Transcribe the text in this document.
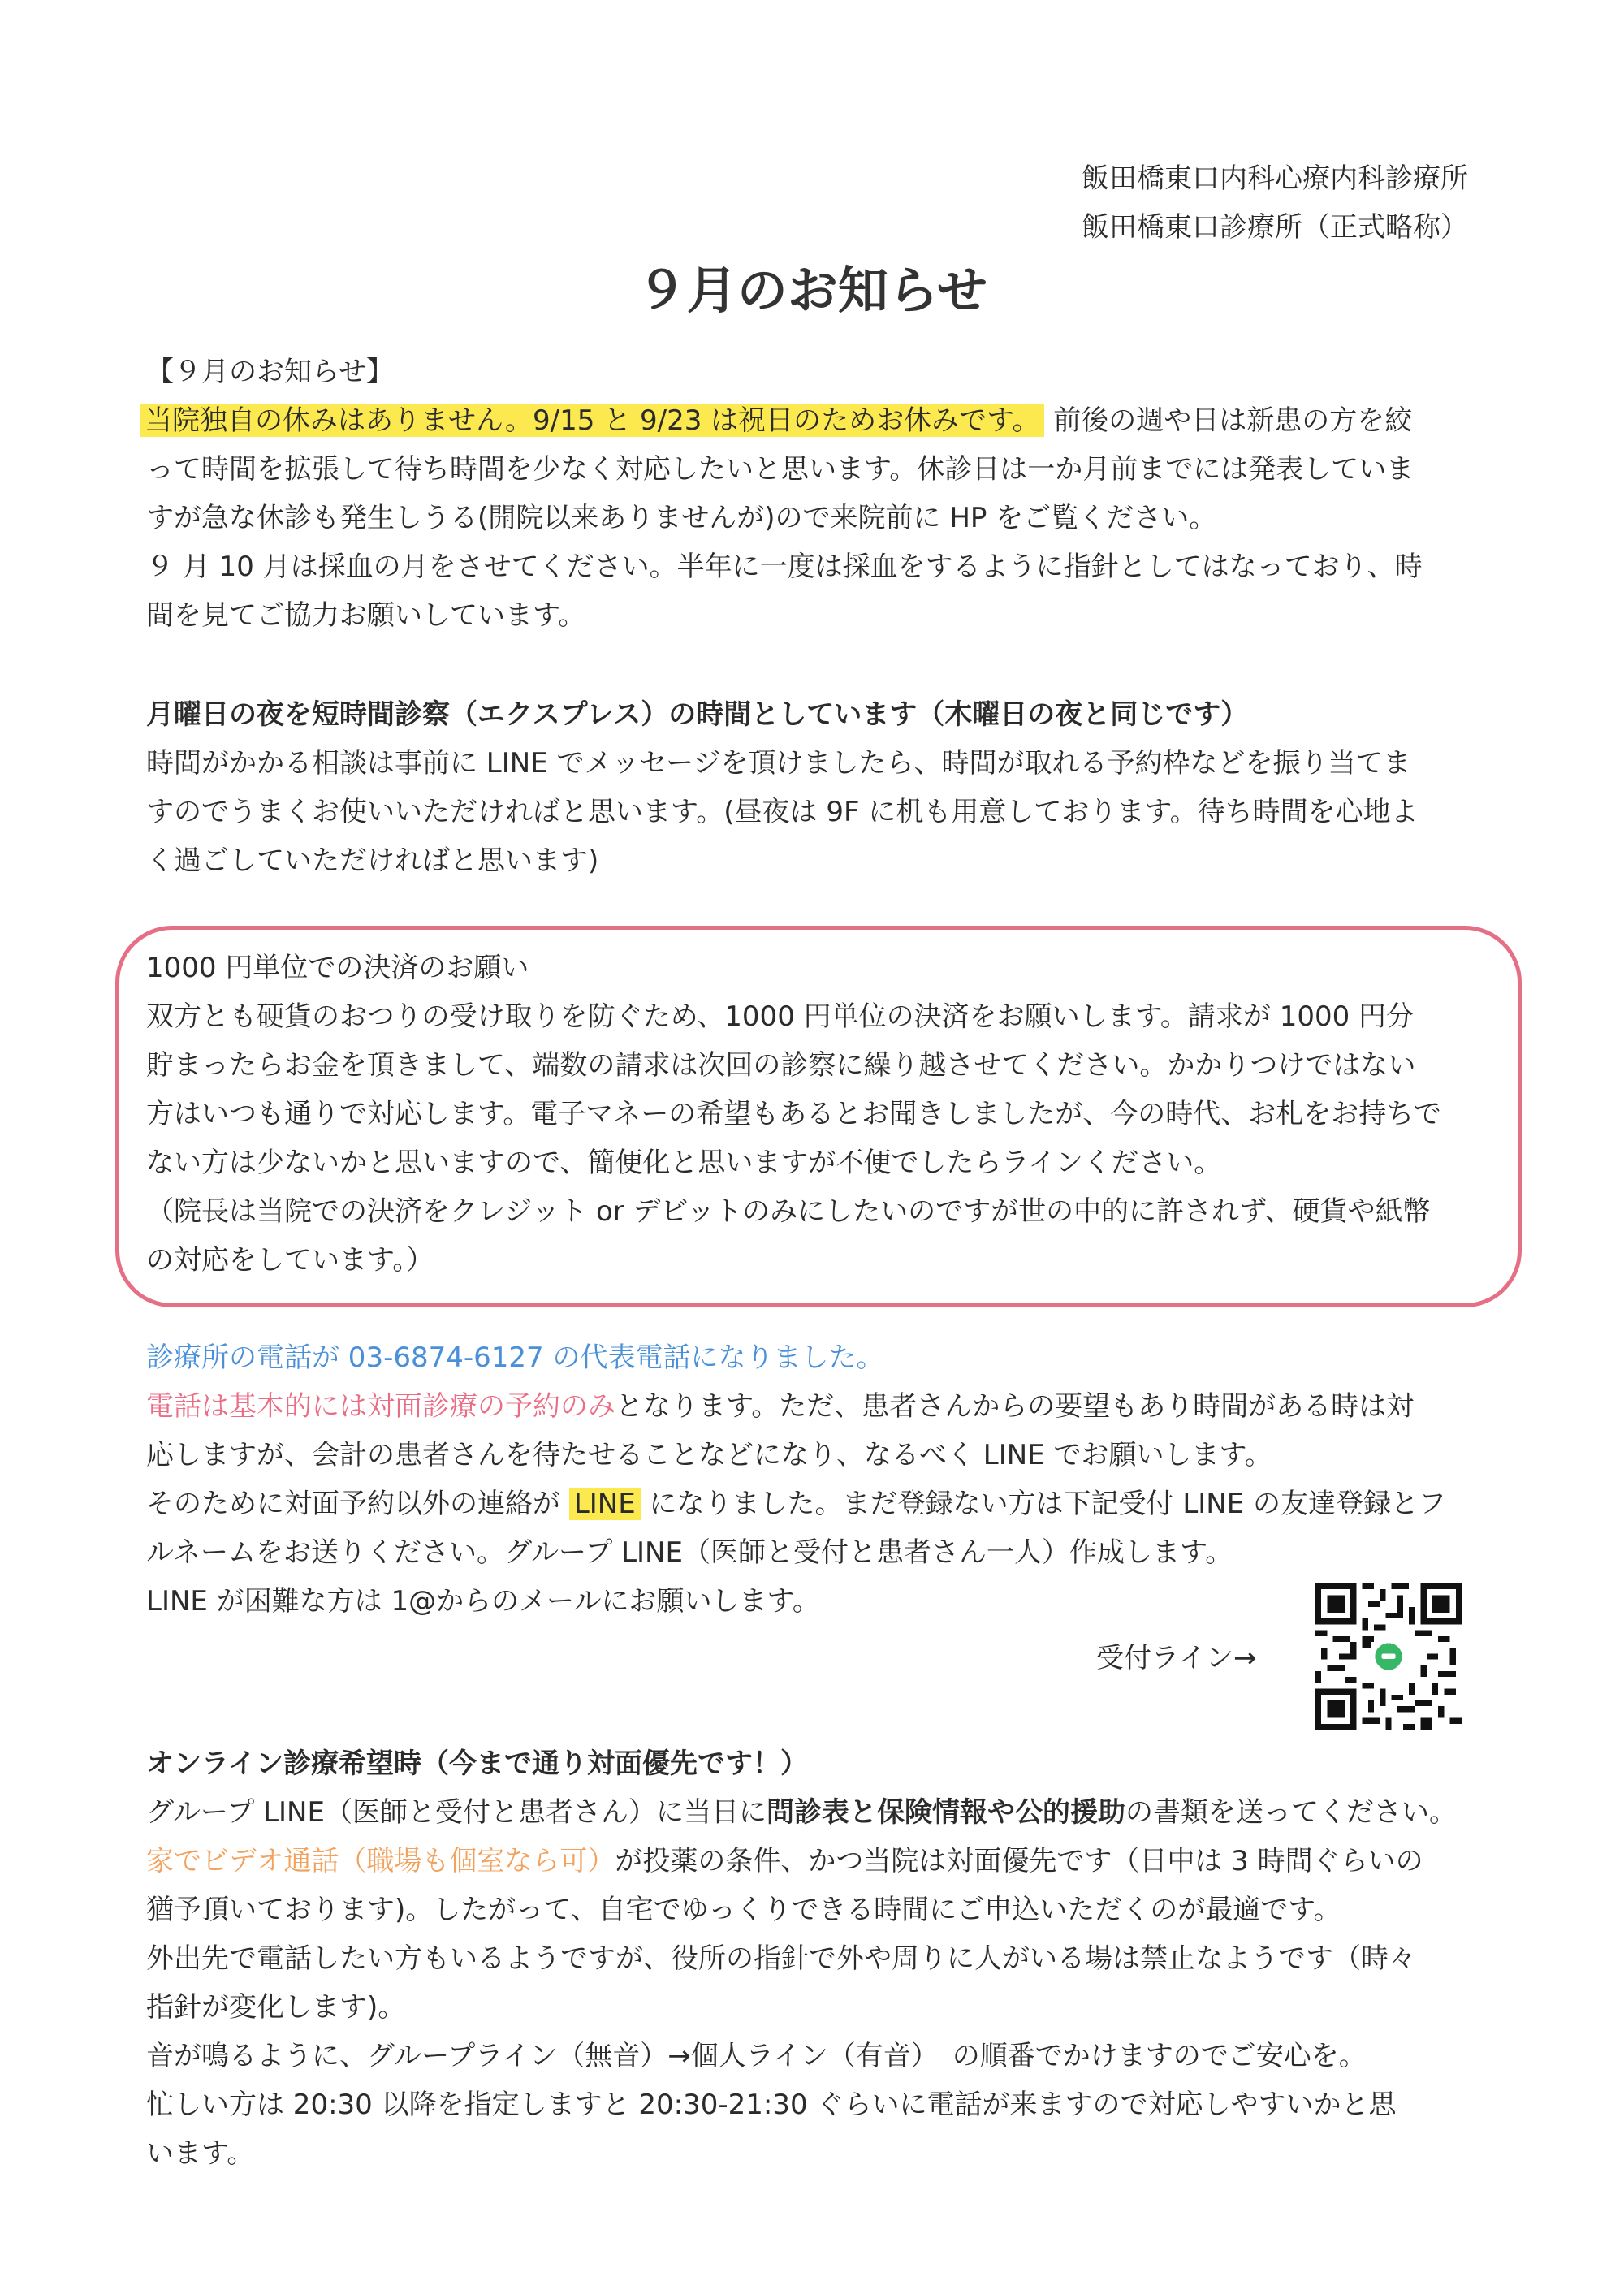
飯田橋東口内科心療内科診療所
飯田橋東口診療所（正式略称）
９月のお知らせ
【９月のお知らせ】
当院独自の休みはありません。9/15 と 9/23 は祝日のためお休みです。 前後の週や日は新患の方を絞
って時間を拡張して待ち時間を少なく対応したいと思います。休診日は一か月前までには発表していま
すが急な休診も発生しうる(開院以来ありませんが)ので来院前に HP をご覧ください。
９ 月 10 月は採血の月をさせてください。半年に一度は採血をするように指針としてはなっており、時
間を見てご協力お願いしています。
月曜日の夜を短時間診察（エクスプレス）の時間としています（木曜日の夜と同じです）
時間がかかる相談は事前に LINE でメッセージを頂けましたら、時間が取れる予約枠などを振り当てま
すのでうまくお使いいただければと思います。(昼夜は 9F に机も用意しております。待ち時間を心地よ
く過ごしていただければと思います)
1000 円単位での決済のお願い
双方とも硬貨のおつりの受け取りを防ぐため、1000 円単位の決済をお願いします。請求が 1000 円分
貯まったらお金を頂きまして、端数の請求は次回の診察に繰り越させてください。かかりつけではない
方はいつも通りで対応します。電子マネーの希望もあるとお聞きしましたが、今の時代、お札をお持ちで
ない方は少ないかと思いますので、簡便化と思いますが不便でしたらラインください。
（院長は当院での決済をクレジット or デビットのみにしたいのですが世の中的に許されず、硬貨や紙幣
の対応をしています。）
診療所の電話が 03-6874-6127 の代表電話になりました。
電話は基本的には対面診療の予約のみとなります。ただ、患者さんからの要望もあり時間がある時は対
応しますが、会計の患者さんを待たせることなどになり、なるべく LINE でお願いします。
そのために対面予約以外の連絡が LINE になりました。まだ登録ない方は下記受付 LINE の友達登録とフ
ルネームをお送りください。グループ LINE（医師と受付と患者さん一人）作成します。
LINE が困難な方は 1@からのメールにお願いします。
受付ライン→
オンライン診療希望時（今まで通り対面優先です！）
グループ LINE（医師と受付と患者さん）に当日に問診表と保険情報や公的援助の書類を送ってください。
家でビデオ通話（職場も個室なら可）が投薬の条件、かつ当院は対面優先です（日中は 3 時間ぐらいの
猶予頂いております)。したがって、自宅でゆっくりできる時間にご申込いただくのが最適です。
外出先で電話したい方もいるようですが、役所の指針で外や周りに人がいる場は禁止なようです（時々
指針が変化します)。
音が鳴るように、グループライン（無音）→個人ライン（有音）　の順番でかけますのでご安心を。
忙しい方は 20:30 以降を指定しますと 20:30-21:30 ぐらいに電話が来ますので対応しやすいかと思
います。
